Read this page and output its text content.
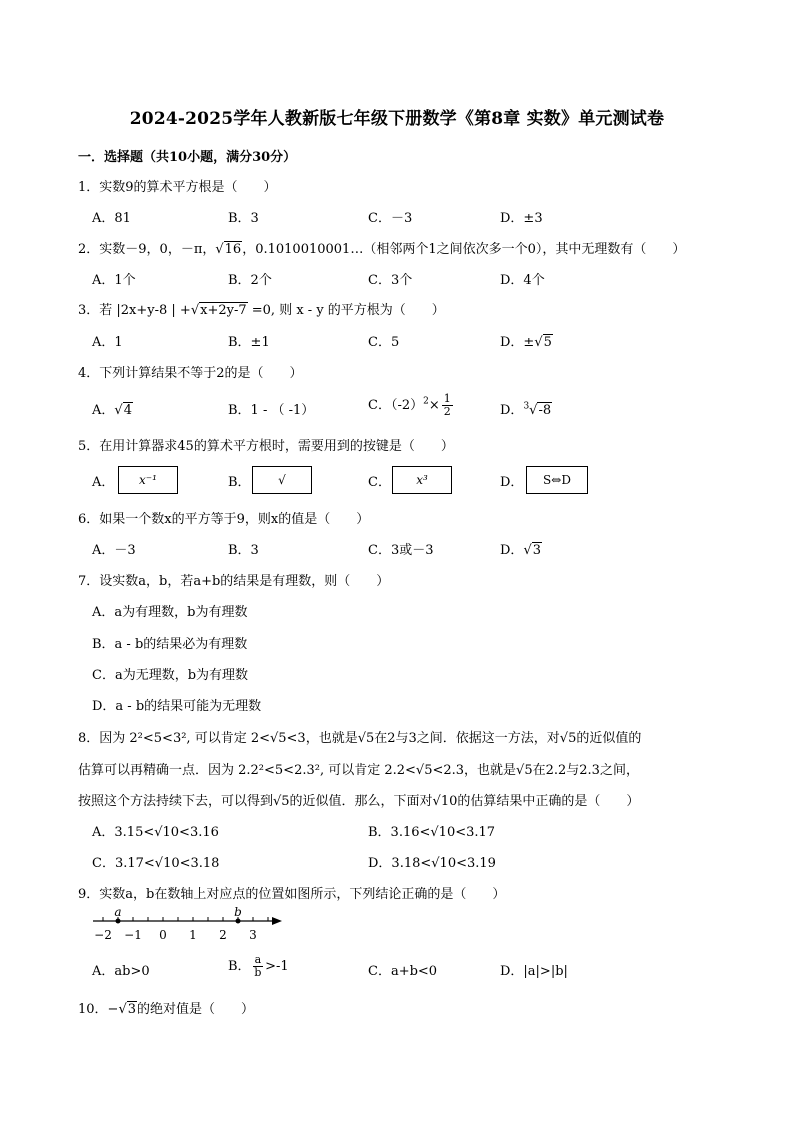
2024-2025学年人教新版七年级下册数学《第8章 实数》单元测试卷
一．选择题（共10小题，满分30分）
1．实数9的算术平方根是（　　）
A．81	B．3	C．－3	D．±3
2．实数－9，0，－π，√16，0.1010010001…（相邻两个1之间依次多一个0），其中无理数有（　　）
A．1个	B．2个	C．3个	D．4个
3．若 |2x+y-8 | +√x+2y-7 =0, 则 x - y 的平方根为（　　）
A．1	B．±1	C．5	D．±√5
4．下列计算结果不等于2的是（　　）
A．√4	B．1 - （ -1）	C．$(-2)^2\times \frac{1}{2}$	D．$^3$√-8
5．在用计算器求45的算术平方根时，需要用到的按键是（　　）
A．	x⁻¹	B．	√	C．	x³	D．	S⇔D
6．如果一个数x的平方等于9，则x的值是（　　）
A．－3	B．3	C．3或－3	D．√3
7．设实数a，b，若a+b的结果是有理数，则（　　）
A．a为有理数，b为有理数
B．a - b的结果必为有理数
C．a为无理数，b为有理数
D．a - b的结果可能为无理数
8．因为 2²<5<3², 可以肯定 2<√5<3，也就是√5在2与3之间．依据这一方法，对√5的近似值的
估算可以再精确一点．因为 2.2²<5<2.3², 可以肯定 2.2<√5<2.3，也就是√5在2.2与2.3之间，
按照这个方法持续下去，可以得到√5的近似值．那么，下面对√10的估算结果中正确的是（　　）
A．3.15<√10<3.16	B．3.16<√10<3.17
C．3.17<√10<3.18	D．3.18<√10<3.19
9．实数a，b在数轴上对应点的位置如图所示，下列结论正确的是（　　）
−2 −1 0 1 2 3
a	b
A．ab>0	B． $\frac{a}{b} >-1$	C．a+b<0	D．|a|>|b|
10．−√3的绝对值是（　　）
